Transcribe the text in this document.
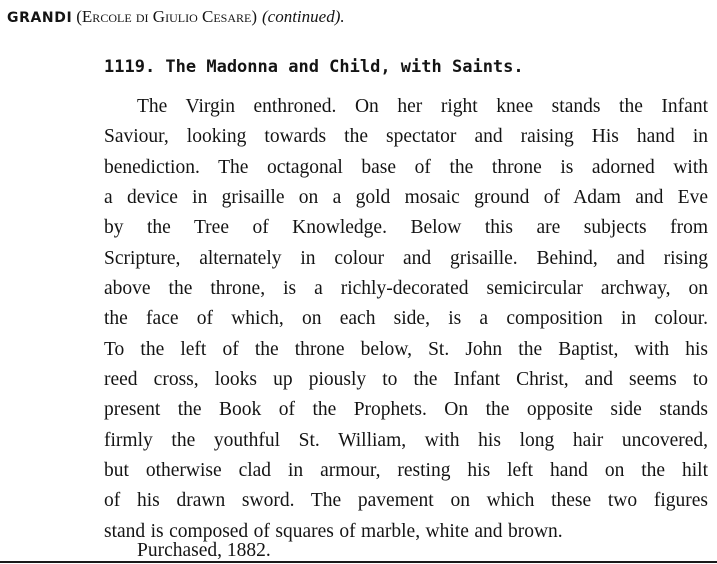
GRANDI (Ercole di Giulio Cesare) (continued).
1119. The Madonna and Child, with Saints.
The Virgin enthroned. On her right knee stands the Infant
Saviour, looking towards the spectator and raising His hand in
benediction. The octagonal base of the throne is adorned with
a device in grisaille on a gold mosaic ground of Adam and Eve
by the Tree of Knowledge. Below this are subjects from
Scripture, alternately in colour and grisaille. Behind, and rising
above the throne, is a richly-decorated semicircular archway, on
the face of which, on each side, is a composition in colour.
To the left of the throne below, St. John the Baptist, with his
reed cross, looks up piously to the Infant Christ, and seems to
present the Book of the Prophets. On the opposite side stands
firmly the youthful St. William, with his long hair uncovered,
but otherwise clad in armour, resting his left hand on the hilt
of his drawn sword. The pavement on which these two figures
stand is composed of squares of marble, white and brown.
Purchased, 1882.
